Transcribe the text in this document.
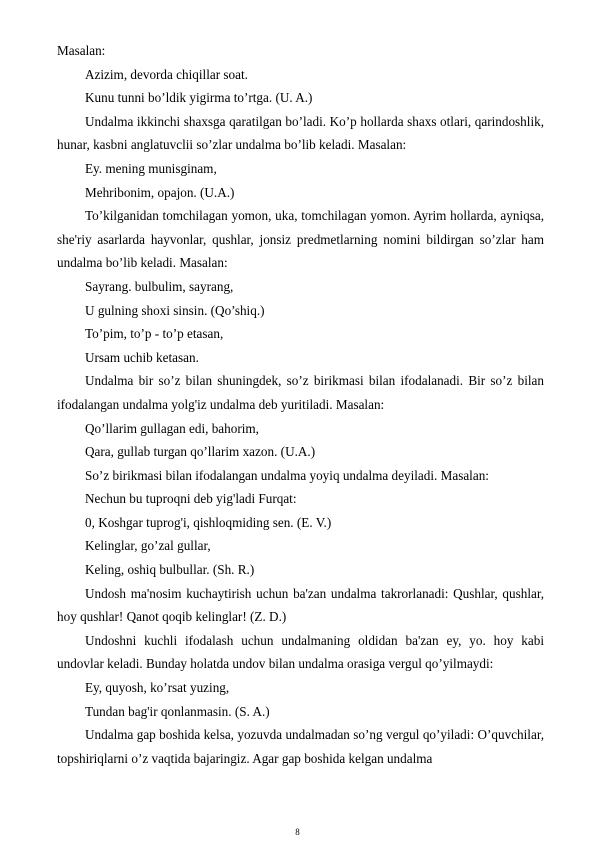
Masalan:
Azizim, devorda chiqillar soat.
Kunu tunni bo’ldik yigirma to’rtga. (U. A.)
Undalma ikkinchi shaxsga qaratilgan bo’ladi. Ko’p hollarda shaxs otlari, qarindoshlik, hunar, kasbni anglatuvclii so’zlar undalma bo’lib keladi. Masalan:
Ey. mening munisginam,
Mehribonim, opajon. (U.A.)
To’kilganidan tomchilagan yomon, uka, tomchilagan yomon. Ayrim hollarda, ayniqsa, she'riy asarlarda hayvonlar, qushlar, jonsiz predmetlarning nomini bildirgan so’zlar ham undalma bo’lib keladi. Masalan:
Sayrang. bulbulim, sayrang,
U gulning shoxi sinsin. (Qo’shiq.)
To’pim, to’p - to’p etasan,
Ursam uchib ketasan.
Undalma bir so’z bilan shuningdek, so’z birikmasi bilan ifodalanadi. Bir so’z bilan ifodalangan undalma yolg'iz undalma deb yuritiladi. Masalan:
Qo’llarim gullagan edi, bahorim,
Qara, gullab turgan qo’llarim xazon. (U.A.)
So’z birikmasi bilan ifodalangan undalma yoyiq undalma deyiladi. Masalan:
Nechun bu tuproqni deb yig'ladi Furqat:
0, Koshgar tuprog'i, qishloqmiding sen. (E. V.)
Kelinglar, go’zal gullar,
Keling, oshiq bulbullar. (Sh. R.)
Undosh ma'nosim kuchaytirish uchun ba'zan undalma takrorlanadi: Qushlar, qushlar, hoy qushlar! Qanot qoqib kelinglar! (Z. D.)
Undoshni kuchli ifodalash uchun undalmaning oldidan ba'zan ey, yo. hoy kabi undovlar keladi. Bunday holatda undov bilan undalma orasiga vergul qo’yilmaydi:
Ey, quyosh, ko’rsat yuzing,
Tundan bag'ir qonlanmasin. (S. A.)
Undalma gap boshida kelsa, yozuvda undalmadan so’ng vergul qo’yiladi: O’quvchilar, topshiriqlarni o’z vaqtida bajaringiz. Agar gap boshida kelgan undalma
8
